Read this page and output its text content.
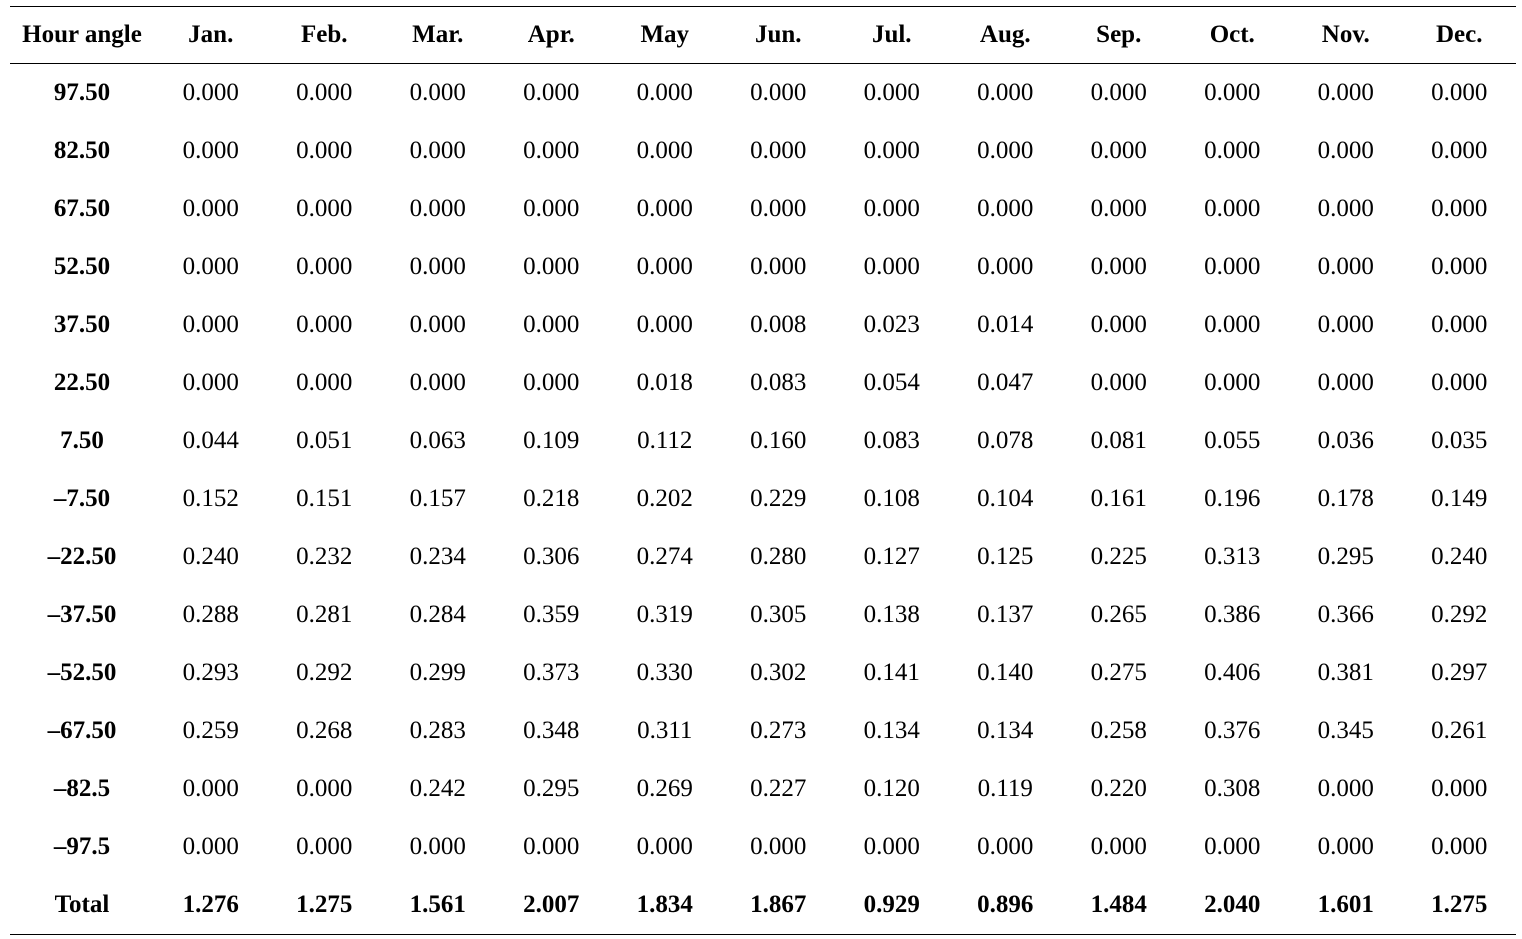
Hour angle	Jan.	Feb.	Mar.	Apr.	May	Jun.	Jul.	Aug.	Sep.	Oct.	Nov.	Dec.
97.50	0.000	0.000	0.000	0.000	0.000	0.000	0.000	0.000	0.000	0.000	0.000	0.000
82.50	0.000	0.000	0.000	0.000	0.000	0.000	0.000	0.000	0.000	0.000	0.000	0.000
67.50	0.000	0.000	0.000	0.000	0.000	0.000	0.000	0.000	0.000	0.000	0.000	0.000
52.50	0.000	0.000	0.000	0.000	0.000	0.000	0.000	0.000	0.000	0.000	0.000	0.000
37.50	0.000	0.000	0.000	0.000	0.000	0.008	0.023	0.014	0.000	0.000	0.000	0.000
22.50	0.000	0.000	0.000	0.000	0.018	0.083	0.054	0.047	0.000	0.000	0.000	0.000
7.50	0.044	0.051	0.063	0.109	0.112	0.160	0.083	0.078	0.081	0.055	0.036	0.035
–7.50	0.152	0.151	0.157	0.218	0.202	0.229	0.108	0.104	0.161	0.196	0.178	0.149
–22.50	0.240	0.232	0.234	0.306	0.274	0.280	0.127	0.125	0.225	0.313	0.295	0.240
–37.50	0.288	0.281	0.284	0.359	0.319	0.305	0.138	0.137	0.265	0.386	0.366	0.292
–52.50	0.293	0.292	0.299	0.373	0.330	0.302	0.141	0.140	0.275	0.406	0.381	0.297
–67.50	0.259	0.268	0.283	0.348	0.311	0.273	0.134	0.134	0.258	0.376	0.345	0.261
–82.5	0.000	0.000	0.242	0.295	0.269	0.227	0.120	0.119	0.220	0.308	0.000	0.000
–97.5	0.000	0.000	0.000	0.000	0.000	0.000	0.000	0.000	0.000	0.000	0.000	0.000
Total	1.276	1.275	1.561	2.007	1.834	1.867	0.929	0.896	1.484	2.040	1.601	1.275
